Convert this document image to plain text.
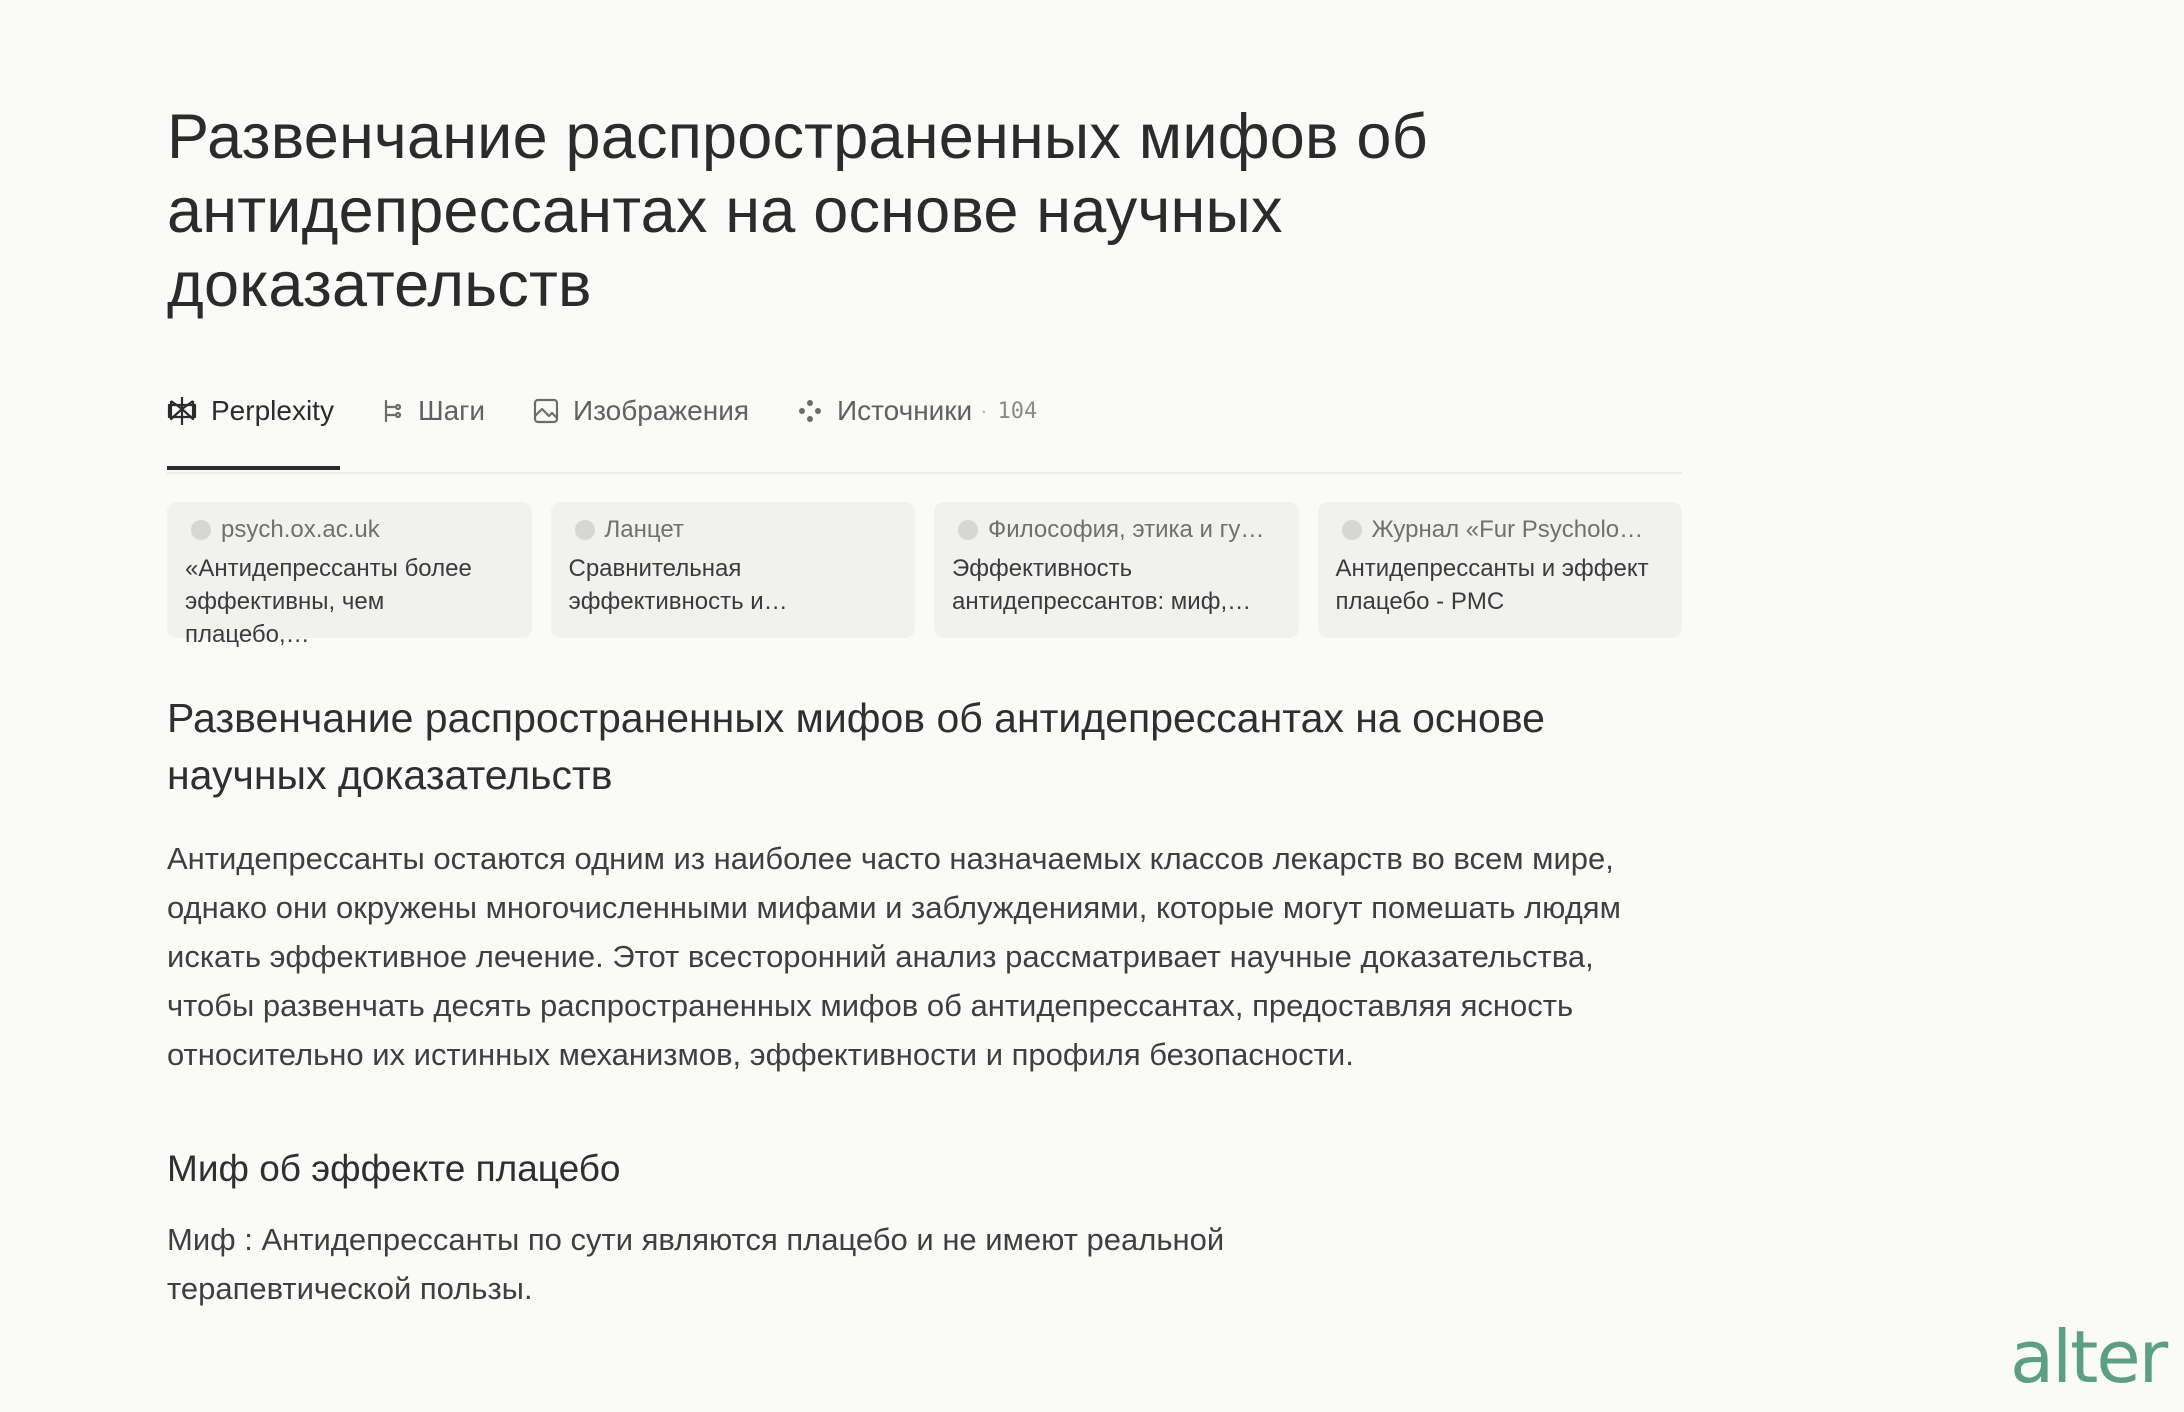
Развенчание распространенных мифов об антидепрессантах на основе научных доказательств
Perplexity	Шаги	Изображения	Источники · 104
psych.ox.ac.uk
«Антидепрессанты более эффективны, чем плацебо,…
Ланцет
Сравнительная эффективность и…
Философия, этика и гу…
Эффективность антидепрессантов: миф,…
Журнал «Fur Psycholo…
Антидепрессанты и эффект плацебо - PMC
Развенчание распространенных мифов об антидепрессантах на основе научных доказательств

Антидепрессанты остаются одним из наиболее часто назначаемых классов лекарств во всем мире, однако они окружены многочисленными мифами и заблуждениями, которые могут помешать людям искать эффективное лечение. Этот всесторонний анализ рассматривает научные доказательства, чтобы развенчать десять распространенных мифов об антидепрессантах, предоставляя ясность относительно их истинных механизмов, эффективности и профиля безопасности.

Миф об эффекте плацебо

Миф : Антидепрессанты по сути являются плацебо и не имеют реальной терапевтической пользы.

alter
